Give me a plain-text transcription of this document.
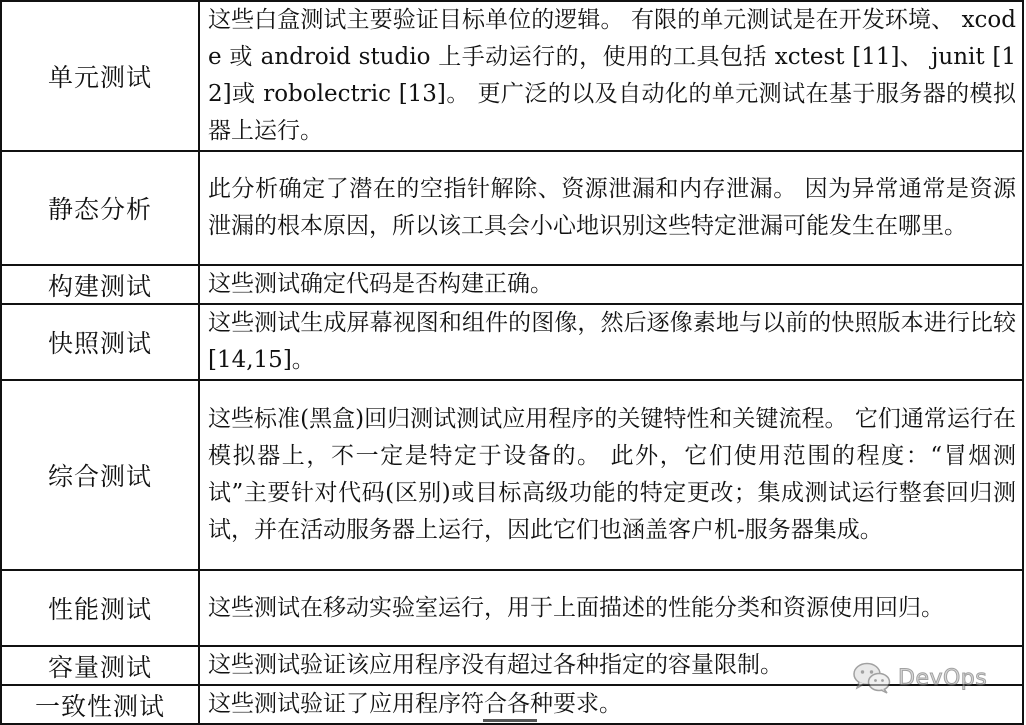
单元测试	这些白盒测试主要验证目标单位的逻辑。 有限的单元测试是在开发环境、 xcode 或 android studio 上手动运行的，使用的工具包括 xctest [11]、 junit [12]或 robolectric [13]。 更广泛的以及自动化的单元测试在基于服务器的模拟器上运行。
静态分析	此分析确定了潜在的空指针解除、资源泄漏和内存泄漏。 因为异常通常是资源泄漏的根本原因，所以该工具会小心地识别这些特定泄漏可能发生在哪里。
构建测试	这些测试确定代码是否构建正确。
快照测试	这些测试生成屏幕视图和组件的图像，然后逐像素地与以前的快照版本进行比较[14,15]。
综合测试	这些标准(黑盒)回归测试测试应用程序的关键特性和关键流程。 它们通常运行在模拟器上，不一定是特定于设备的。 此外，它们使用范围的程度：“冒烟测试”主要针对代码(区别)或目标高级功能的特定更改；集成测试运行整套回归测试，并在活动服务器上运行，因此它们也涵盖客户机-服务器集成。
性能测试	这些测试在移动实验室运行，用于上面描述的性能分类和资源使用回归。
容量测试	这些测试验证该应用程序没有超过各种指定的容量限制。
一致性测试	这些测试验证了应用程序符合各种要求。
DevOps
